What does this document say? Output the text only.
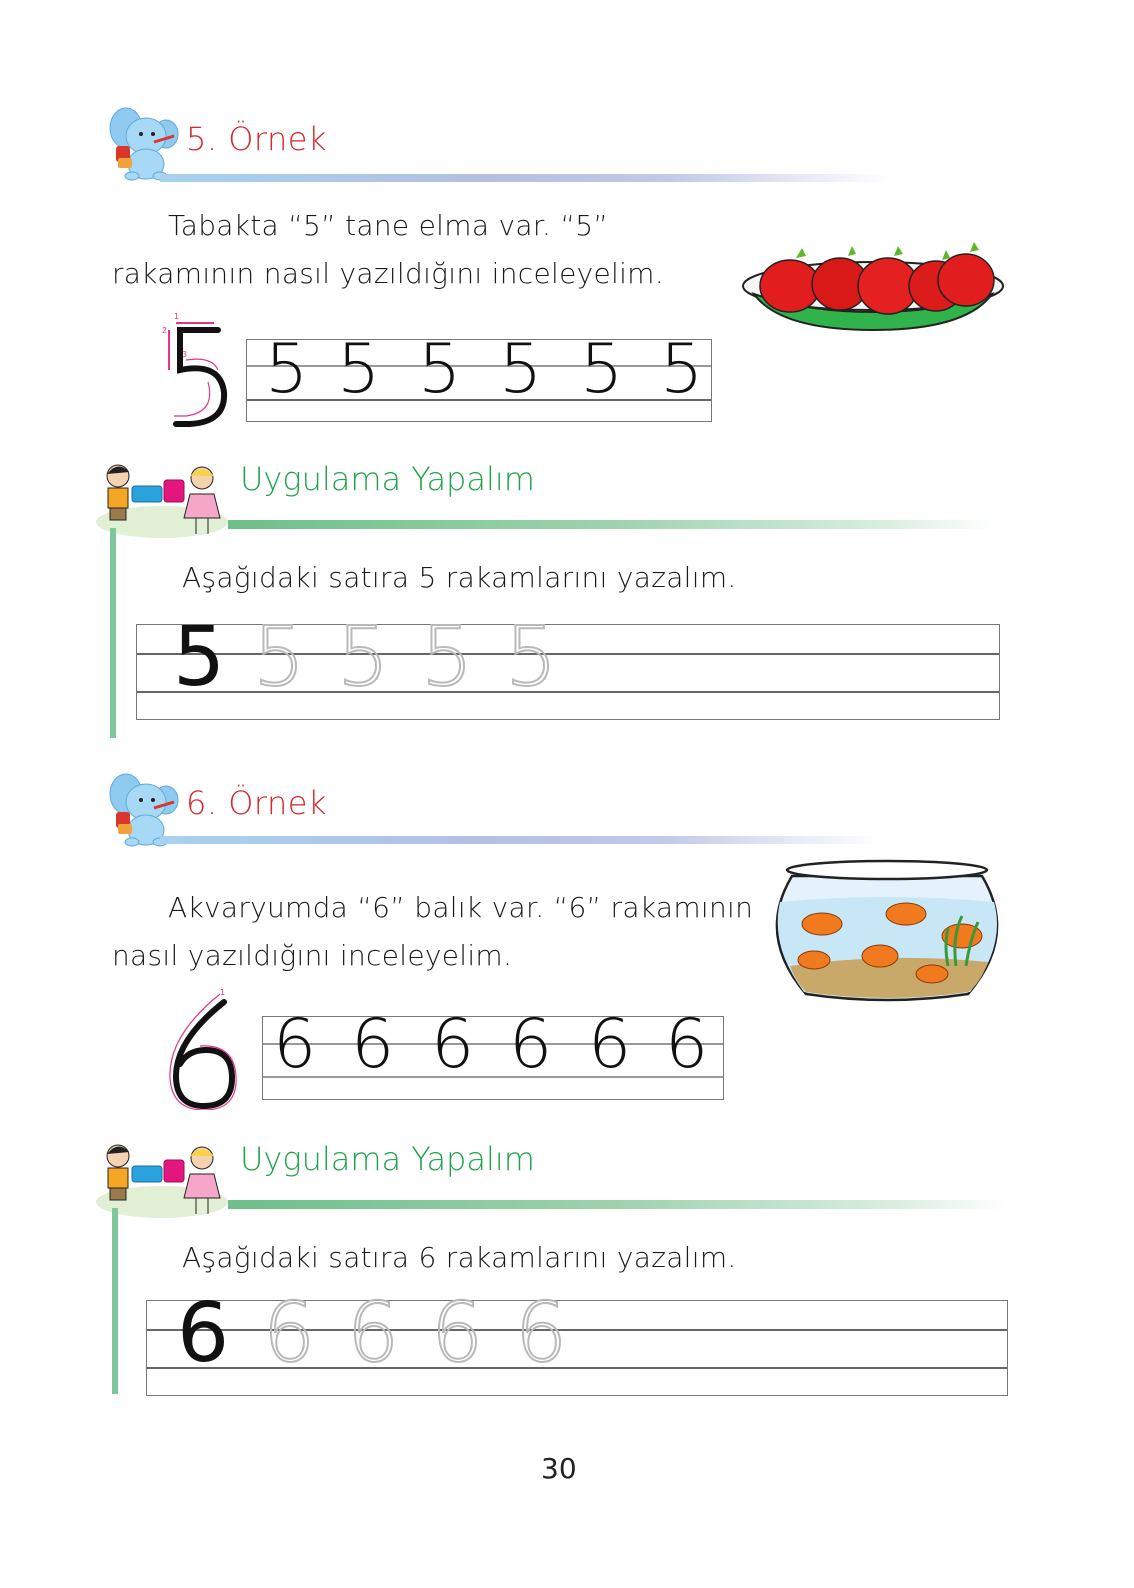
5. Örnek
Tabakta “5” tane elma var. “5”
rakamının nasıl yazıldığını inceleyelim.
1
2
3 5 5 5 5 5 5
Uygulama Yapalım
Aşağıdaki satıra 5 rakamlarını yazalım.
5 5 5 5 5
6. Örnek
Akvaryumda “6” balık var. “6” rakamının
nasıl yazıldığını inceleyelim.
1
6 6 6 6 6 6
Uygulama Yapalım
Aşağıdaki satıra 6 rakamlarını yazalım.
6 6 6 6 6
30
